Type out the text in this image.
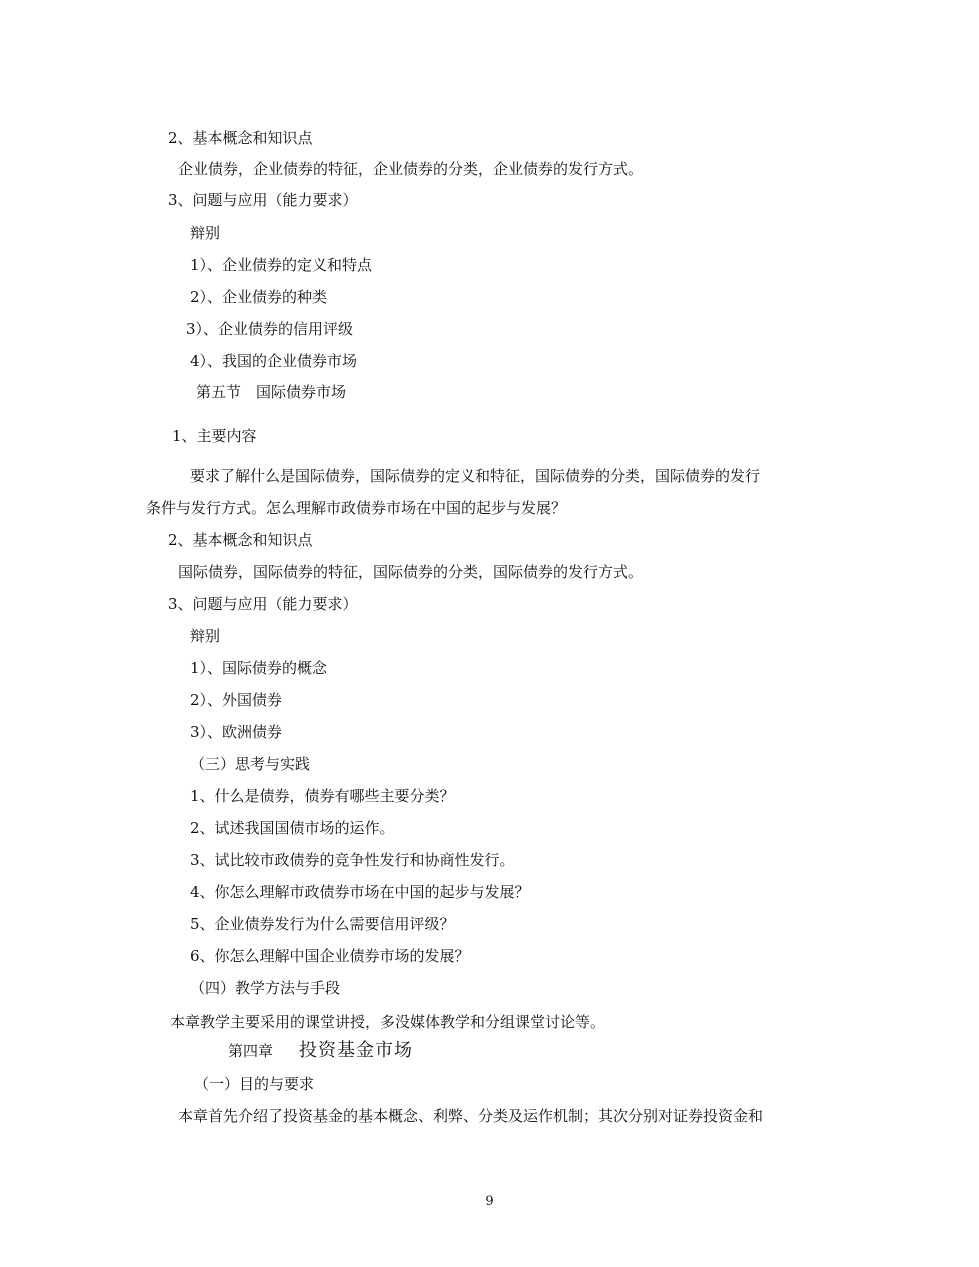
2、基本概念和知识点
企业债券，企业债券的特征，企业债券的分类，企业债券的发行方式。
3、问题与应用（能力要求）
辩别
1）、企业债券的定义和特点
2）、企业债券的种类
3）、企业债券的信用评级
4）、我国的企业债券市场
第五节　国际债券市场
1、主要内容
要求了解什么是国际债券，国际债券的定义和特征，国际债券的分类，国际债券的发行
条件与发行方式。怎么理解市政债券市场在中国的起步与发展？
2、基本概念和知识点
国际债券，国际债券的特征，国际债券的分类，国际债券的发行方式。
3、问题与应用（能力要求）
辩别
1）、国际债券的概念
2）、外国债券
3）、欧洲债券
（三）思考与实践
1、什么是债券，债券有哪些主要分类？
2、试述我国国债市场的运作。
3、试比较市政债券的竞争性发行和协商性发行。
4、你怎么理解市政债券市场在中国的起步与发展？
5、企业债券发行为什么需要信用评级？
6、你怎么理解中国企业债券市场的发展？
（四）教学方法与手段
本章教学主要采用的课堂讲授，多没媒体教学和分组课堂讨论等。
第四章 投资基金市场
（一）目的与要求
本章首先介绍了投资基金的基本概念、利弊、分类及运作机制；其次分别对证券投资金和
9
